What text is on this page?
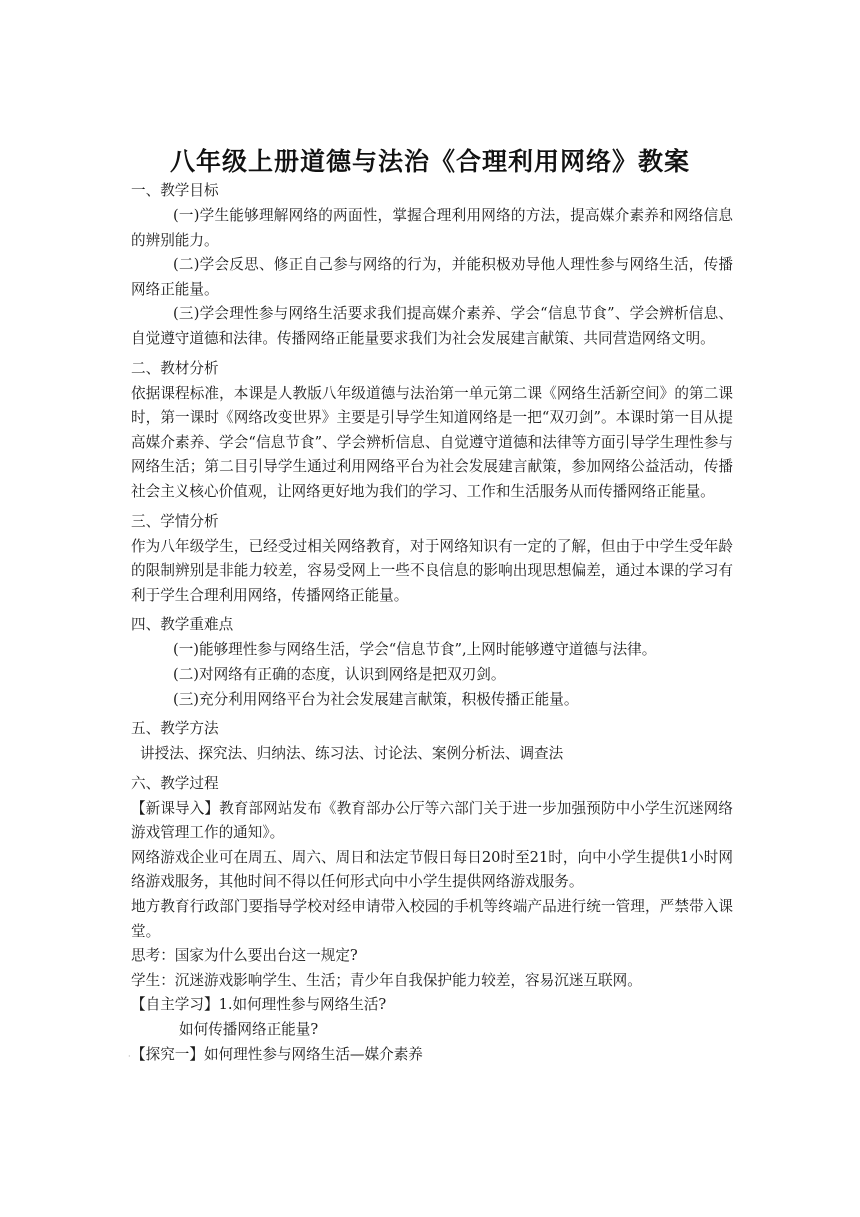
八年级上册道德与法治《合理利用网络》教案

一、教学目标

(一)学生能够理解网络的两面性，掌握合理利用网络的方法，提高媒介素养和网络信息的辨别能力。

(二)学会反思、修正自己参与网络的行为，并能积极劝导他人理性参与网络生活，传播网络正能量。

(三)学会理性参与网络生活要求我们提高媒介素养、学会“信息节食”、学会辨析信息、自觉遵守道德和法律。传播网络正能量要求我们为社会发展建言献策、共同营造网络文明。

二、教材分析

依据课程标准，本课是人教版八年级道德与法治第一单元第二课《网络生活新空间》的第二课时，第一课时《网络改变世界》主要是引导学生知道网络是一把“双刃剑”。本课时第一目从提高媒介素养、学会“信息节食”、学会辨析信息、自觉遵守道德和法律等方面引导学生理性参与网络生活；第二目引导学生通过利用网络平台为社会发展建言献策，参加网络公益活动，传播社会主义核心价值观，让网络更好地为我们的学习、工作和生活服务从而传播网络正能量。

三、学情分析

作为八年级学生，已经受过相关网络教育，对于网络知识有一定的了解，但由于中学生受年龄的限制辨别是非能力较差，容易受网上一些不良信息的影响出现思想偏差，通过本课的学习有利于学生合理利用网络，传播网络正能量。

四、教学重难点

(一)能够理性参与网络生活，学会“信息节食”,上网时能够遵守道德与法律。

(二)对网络有正确的态度，认识到网络是把双刃剑。

(三)充分利用网络平台为社会发展建言献策，积极传播正能量。

五、教学方法

讲授法、探究法、归纳法、练习法、讨论法、案例分析法、调查法

六、教学过程

【新课导入】教育部网站发布《教育部办公厅等六部门关于进一步加强预防中小学生沉迷网络游戏管理工作的通知》。

网络游戏企业可在周五、周六、周日和法定节假日每日20时至21时，向中小学生提供1小时网络游戏服务，其他时间不得以任何形式向中小学生提供网络游戏服务。

地方教育行政部门要指导学校对经申请带入校园的手机等终端产品进行统一管理，严禁带入课堂。

思考：国家为什么要出台这一规定?

学生：沉迷游戏影响学生、生活；青少年自我保护能力较差，容易沉迷互联网。

【自主学习】1.如何理性参与网络生活?

如何传播网络正能量?

【探究一】如何理性参与网络生活—媒介素养

·
